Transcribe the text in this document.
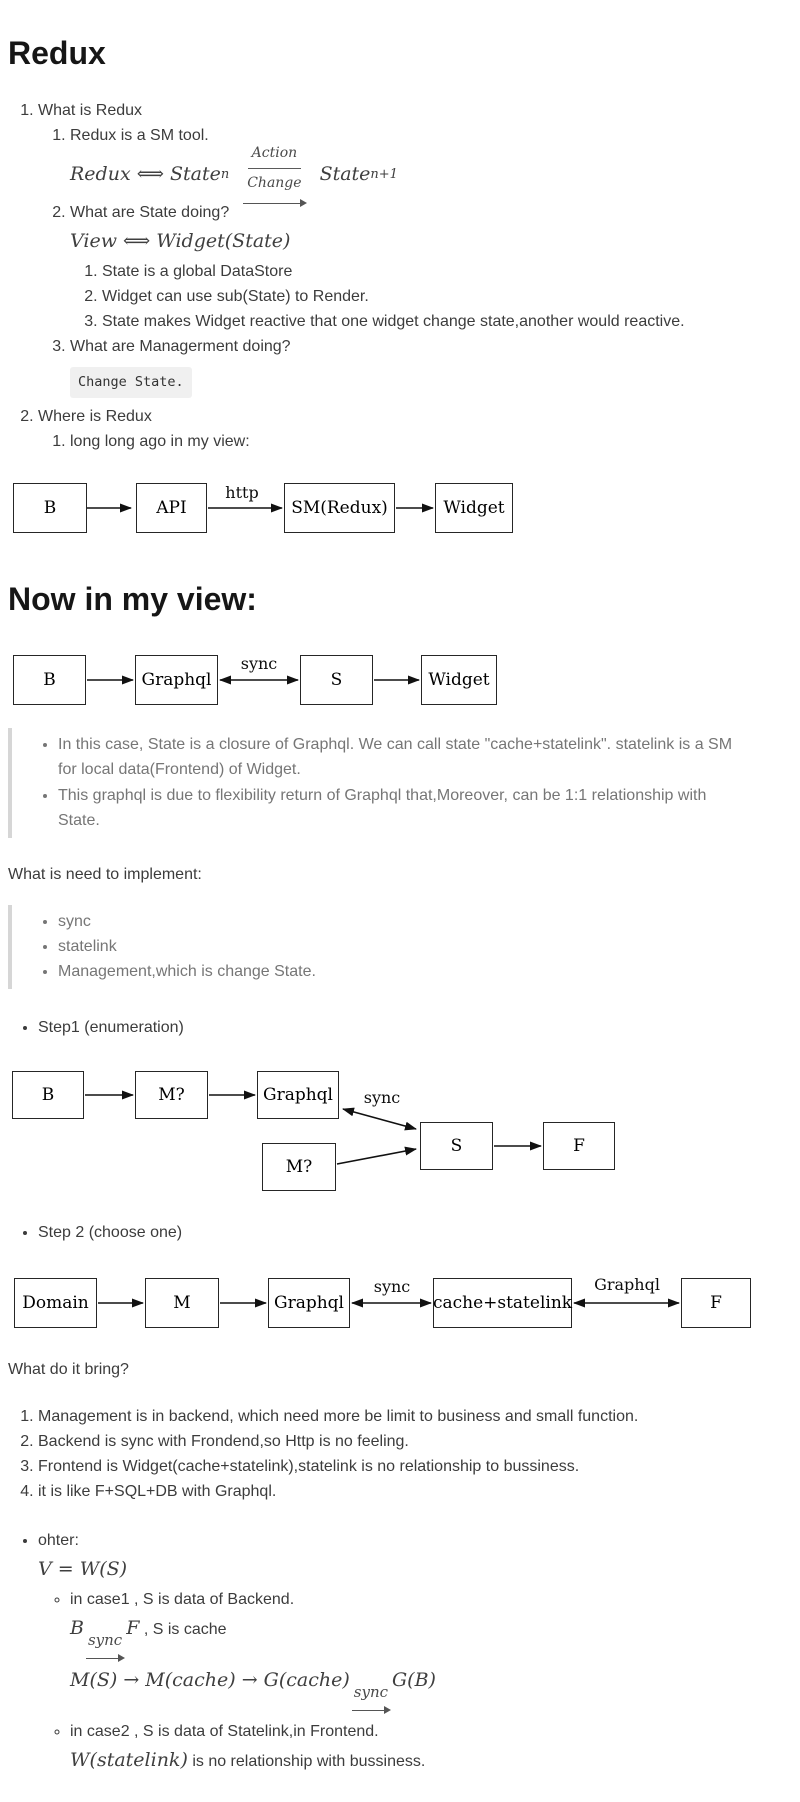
Redux
1. What is Redux
1. Redux is a SM tool.
Redux ⟺ State n $\frac{\text{Action}}{\text{Change}}$ State n+1
2. What are State doing?
View ⟺ Widget(State)
1. State is a global DataStore
2. Widget can use sub(State) to Render.
3. State makes Widget reactive that one widget change state,another would reactive.
3. What are Managerment doing?
Change State.
2. Where is Redux
1. long long ago in my view:
B	API	SM(Redux)	Widget
http
Now in my view:
B	Graphql	S	Widget
sync
• In this case, State is a closure of Graphql. We can call state "cache+statelink". statelink is a SM for local data(Frontend) of Widget.
• This graphql is due to flexibility return of Graphql that,Moreover, can be 1:1 relationship with State.

What is need to implement:

• sync
• statelink
• Management,which is change State.
• Step1 (enumeration)
B	M?	Graphql
S	F
M?
sync
• Step 2 (choose one)
Domain	M	Graphql	cache+statelink	F
sync	Graphql

What do it bring?

1. Management is in backend, which need more be limit to business and small function.
2. Backend is sync with Frondend,so Http is no feeling.
3. Frontend is Widget(cache+statelink),statelink is no relationship to bussiness.
4. it is like F+SQL+DB with Graphql.
• ohter:
V = W(S)
◦ in case1 , S is data of Backend.
B
sync
F , S is cache
M(S) → M(cache) → G(cache)
sync
G(B)
◦ in case2 , S is data of Statelink,in Frontend.
W(statelink) is no relationship with bussiness.
